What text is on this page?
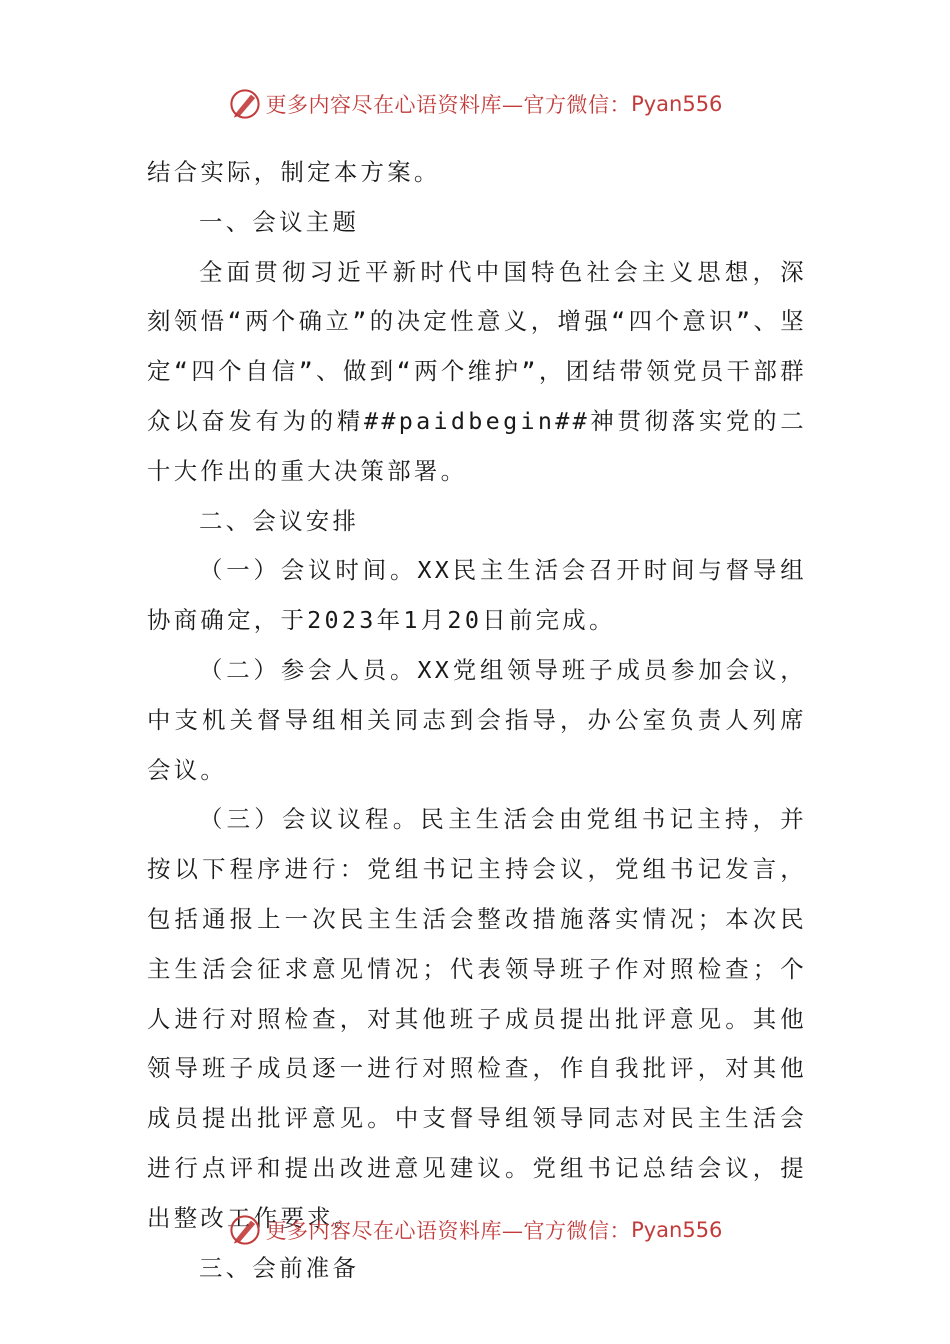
更多内容尽在心语资料库—官方微信： Pyan556

结合实际，制定本方案。

一、会议主题

全面贯彻习近平新时代中国特色社会主义思想，深刻领悟“两个确立”的决定性意义，增强“四个意识”、坚定“四个自信”、做到“两个维护”，团结带领党员干部群众以奋发有为的精##paidbegin##神贯彻落实党的二十大作出的重大决策部署。

二、会议安排

（一）会议时间。XX民主生活会召开时间与督导组协商确定，于2023年1月20日前完成。

（二）参会人员。XX党组领导班子成员参加会议，中支机关督导组相关同志到会指导，办公室负责人列席会议。

（三）会议议程。民主生活会由党组书记主持，并按以下程序进行：党组书记主持会议，党组书记发言，包括通报上一次民主生活会整改措施落实情况；本次民主生活会征求意见情况；代表领导班子作对照检查；个人进行对照检查，对其他班子成员提出批评意见。其他领导班子成员逐一进行对照检查，作自我批评，对其他成员提出批评意见。中支督导组领导同志对民主生活会进行点评和提出改进意见建议。党组书记总结会议，提出整改工作要求。

三、会前准备

更多内容尽在心语资料库—官方微信： Pyan556
